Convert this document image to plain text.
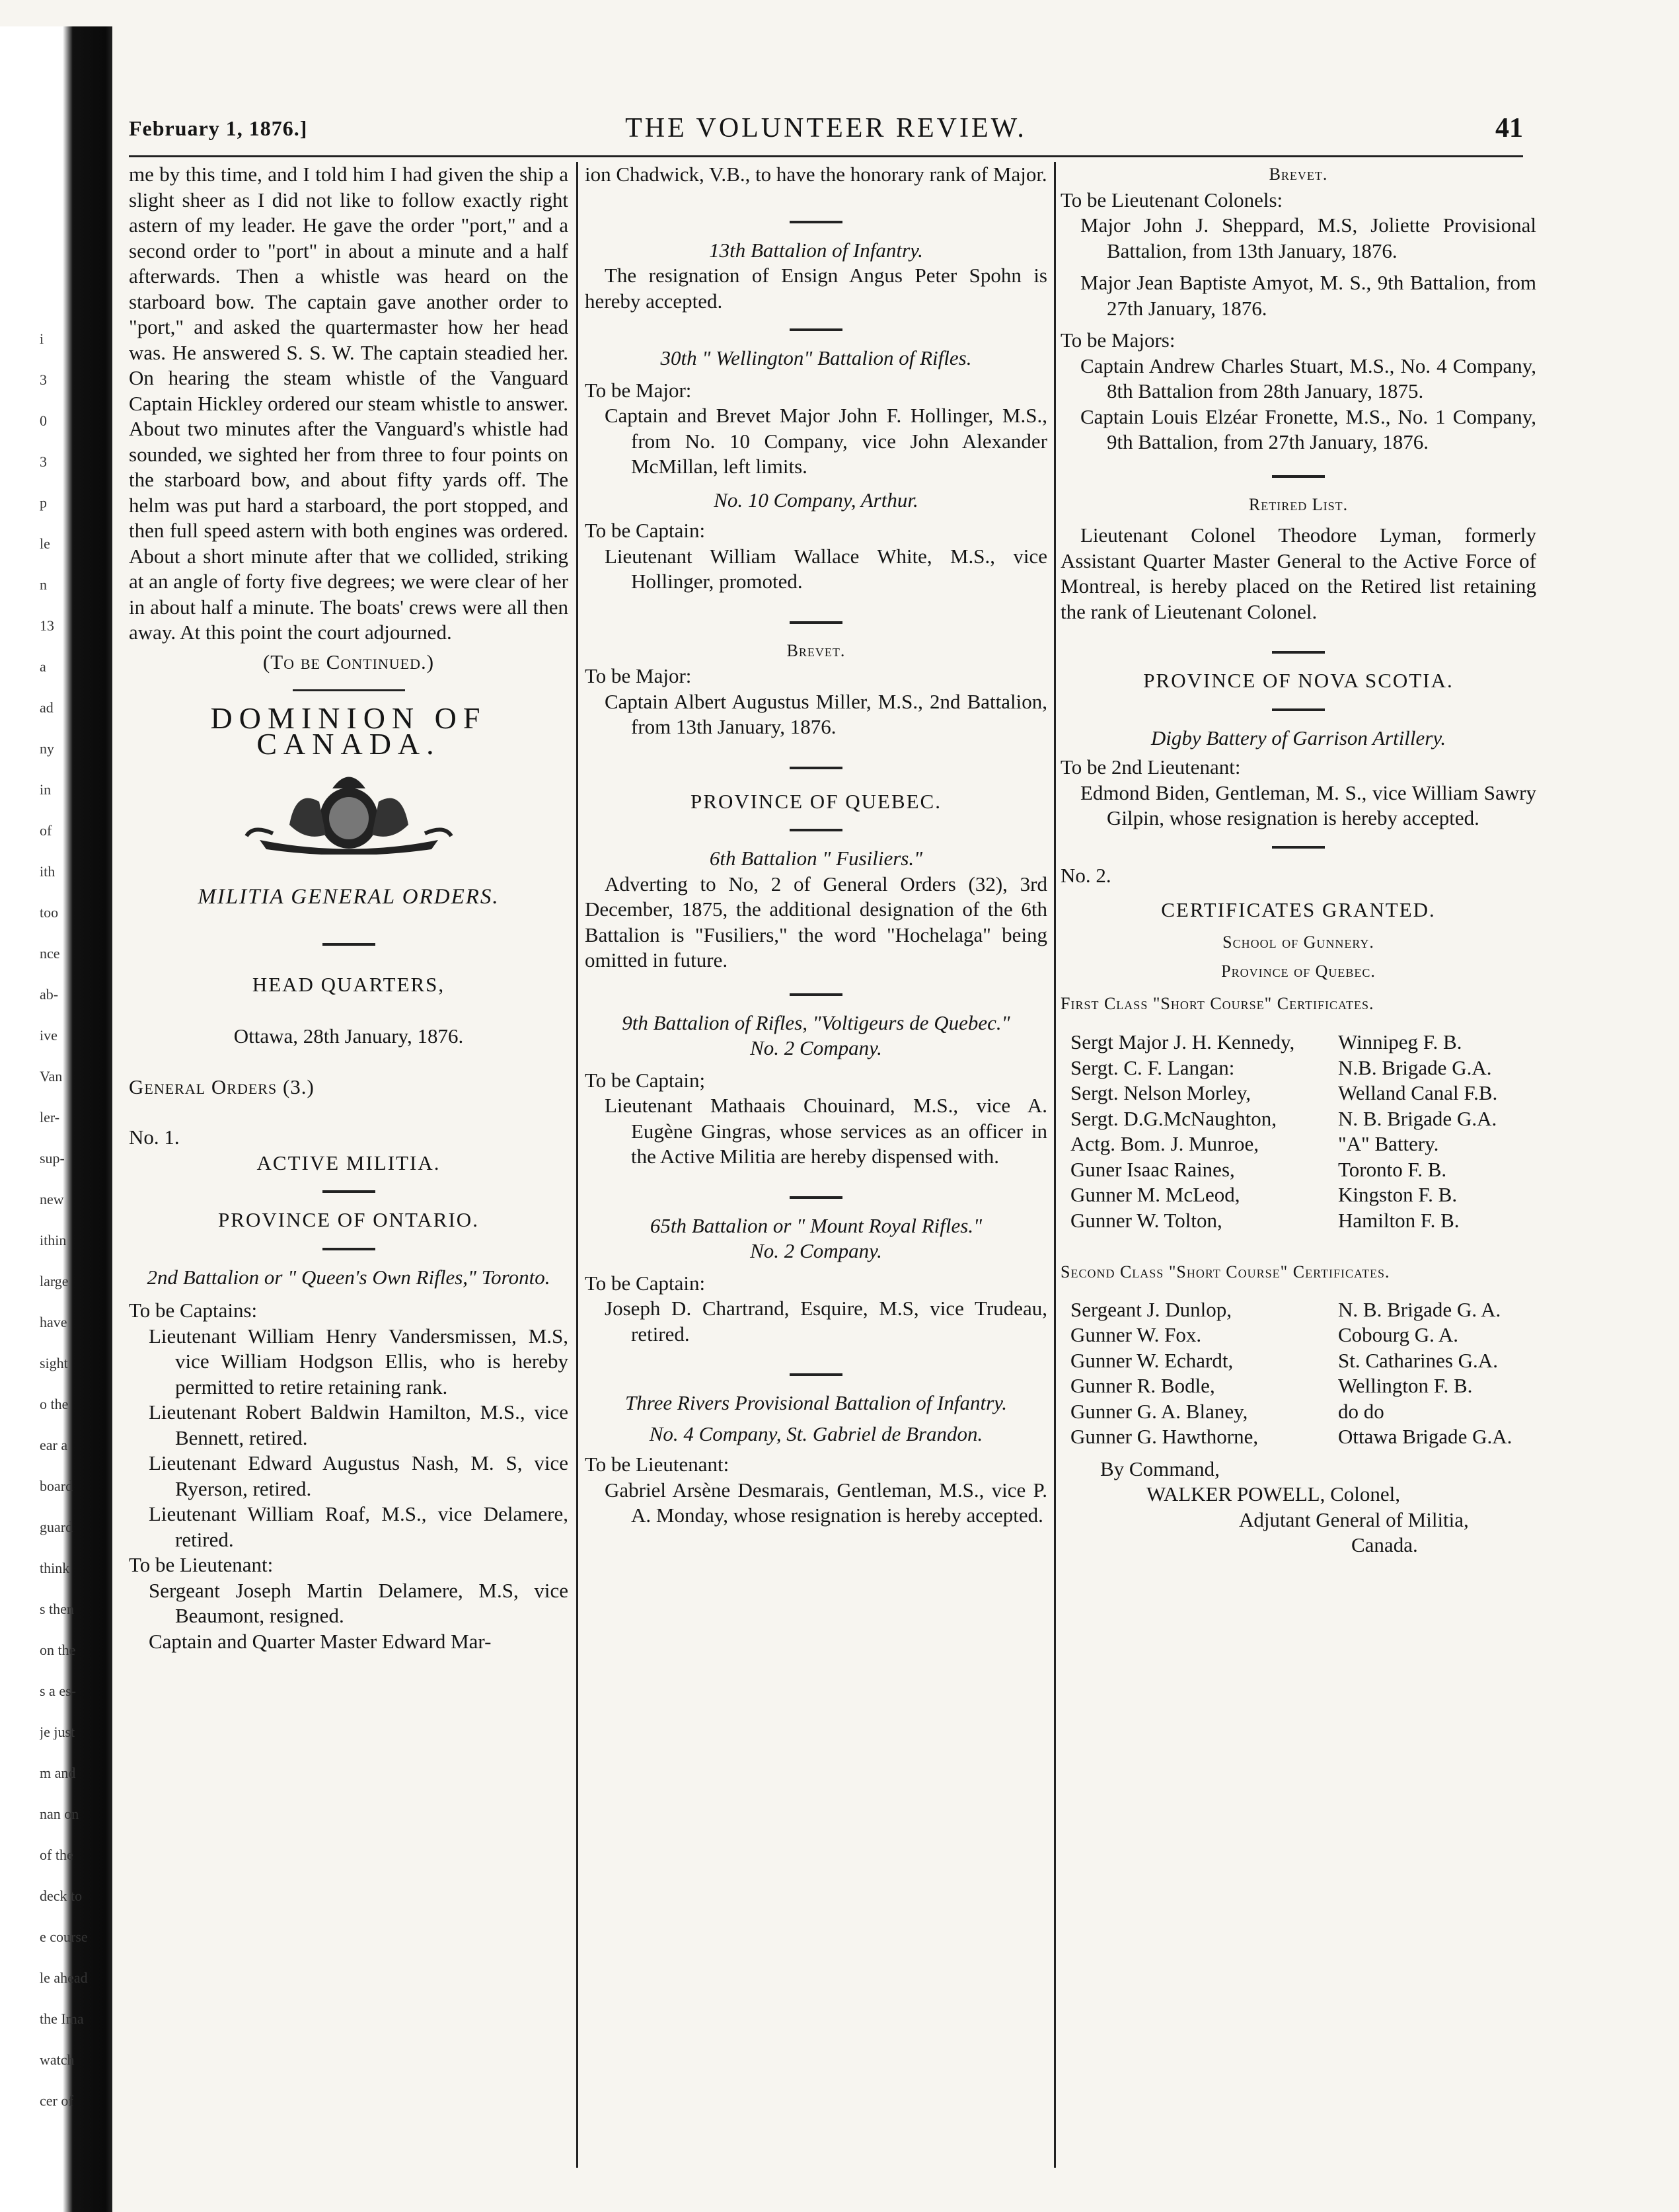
i
3
0
3
p
le
n
13
a
ad
ny
in
of
ith
too
nce
ab-
ive
Van
ler-
sup-
new
ithin
large
have
sight
o the
ear a
board
guard
think
s then
on the
s a es-
je just
m and
nan on
of the
deck to
e course
le ahead
the Ima
watch
cer of
February 1, 1876.]	THE VOLUNTEER REVIEW.	41

me by this time, and I told him I had given the ship a slight sheer as I did not like to follow exactly right astern of my leader. He gave the order "port," and a second order to "port" in about a minute and a half afterwards. Then a whistle was heard on the starboard bow. The captain gave another order to "port," and asked the quartermaster how her head was. He answered S. S. W. The captain steadied her. On hearing the steam whistle of the Vanguard Captain Hickley ordered our steam whistle to answer. About two minutes after the Vanguard's whistle had sounded, we sighted her from three to four points on the starboard bow, and about fifty yards off. The helm was put hard a starboard, the port stopped, and then full speed astern with both engines was ordered. About a short minute after that we collided, striking at an angle of forty five degrees; we were clear of her in about half a minute. The boats' crews were all then away. At this point the court adjourned.

(To be Continued.)

DOMINION OF CANADA.

MILITIA GENERAL ORDERS.

HEAD QUARTERS,

Ottawa, 28th January, 1876.

General Orders (3.)

No. 1.

ACTIVE MILITIA.

PROVINCE OF ONTARIO.

2nd Battalion or " Queen's Own Rifles," Toronto.

To be Captains:

Lieutenant William Henry Vandersmissen, M.S, vice William Hodgson Ellis, who is hereby permitted to retire retaining rank.

Lieutenant Robert Baldwin Hamilton, M.S., vice Bennett, retired.

Lieutenant Edward Augustus Nash, M. S, vice Ryerson, retired.

Lieutenant William Roaf, M.S., vice Delamere, retired.

To be Lieutenant:

Sergeant Joseph Martin Delamere, M.S, vice Beaumont, resigned.

Captain and Quarter Master Edward Mar-

ion Chadwick, V.B., to have the honorary rank of Major.

13th Battalion of Infantry.

The resignation of Ensign Angus Peter Spohn is hereby accepted.

30th " Wellington" Battalion of Rifles.

To be Major:

Captain and Brevet Major John F. Hollinger, M.S., from No. 10 Company, vice John Alexander McMillan, left limits.

No. 10 Company, Arthur.

To be Captain:

Lieutenant William Wallace White, M.S., vice Hollinger, promoted.

Brevet.

To be Major:

Captain Albert Augustus Miller, M.S., 2nd Battalion, from 13th January, 1876.

PROVINCE OF QUEBEC.

6th Battalion " Fusiliers."

Adverting to No, 2 of General Orders (32), 3rd December, 1875, the additional designation of the 6th Battalion is "Fusiliers," the word "Hochelaga" being omitted in future.

9th Battalion of Rifles, "Voltigeurs de Quebec."

No. 2 Company.

To be Captain;

Lieutenant Mathaais Chouinard, M.S., vice A. Eugène Gingras, whose services as an officer in the Active Militia are hereby dispensed with.

65th Battalion or " Mount Royal Rifles."

No. 2 Company.

To be Captain:

Joseph D. Chartrand, Esquire, M.S, vice Trudeau, retired.

Three Rivers Provisional Battalion of Infantry.

No. 4 Company, St. Gabriel de Brandon.

To be Lieutenant:

Gabriel Arsène Desmarais, Gentleman, M.S., vice P. A. Monday, whose resignation is hereby accepted.

Brevet.

To be Lieutenant Colonels:

Major John J. Sheppard, M.S, Joliette Provisional Battalion, from 13th January, 1876.

Major Jean Baptiste Amyot, M. S., 9th Battalion, from 27th January, 1876.

To be Majors:

Captain Andrew Charles Stuart, M.S., No. 4 Company, 8th Battalion from 28th January, 1875.

Captain Louis Elzéar Fronette, M.S., No. 1 Company, 9th Battalion, from 27th January, 1876.

Retired List.

Lieutenant Colonel Theodore Lyman, formerly Assistant Quarter Master General to the Active Force of Montreal, is hereby placed on the Retired list retaining the rank of Lieutenant Colonel.

PROVINCE OF NOVA SCOTIA.

Digby Battery of Garrison Artillery.

To be 2nd Lieutenant:

Edmond Biden, Gentleman, M. S., vice William Sawry Gilpin, whose resignation is hereby accepted.

No. 2.

CERTIFICATES GRANTED.

School of Gunnery.

Province of Quebec.

First Class "Short Course" Certificates.

Sergt Major J. H. Kennedy, Winnipeg F. B.
Sergt. C. F. Langan:	N.B. Brigade G.A.
Sergt. Nelson Morley,	Welland Canal F.B.
Sergt. D.G.McNaughton,	N. B. Brigade G.A.
Actg. Bom. J. Munroe,	"A" Battery.
Guner Isaac Raines,	Toronto F. B.
Gunner M. McLeod,	Kingston F. B.
Gunner W. Tolton,	Hamilton F. B.

Second Class "Short Course" Certificates.

Sergeant J. Dunlop,	N. B. Brigade G. A.
Gunner W. Fox.	Cobourg G. A.
Gunner W. Echardt,	St. Catharines G.A.
Gunner R. Bodle,	Wellington F. B.
Gunner G. A. Blaney,	do do
Gunner G. Hawthorne,	Ottawa Brigade G.A.

By Command,

WALKER POWELL, Colonel,

Adjutant General of Militia,

Canada.
